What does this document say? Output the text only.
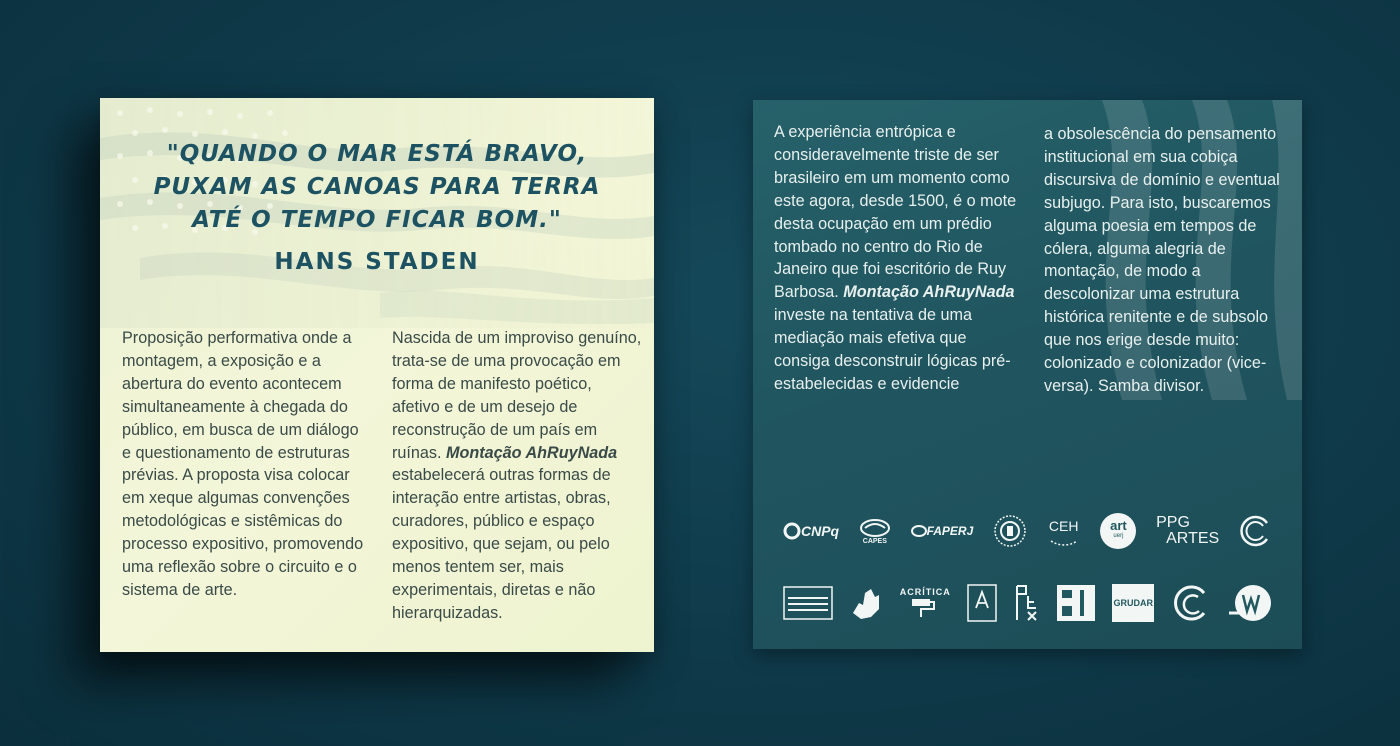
"QUANDO O MAR ESTÁ BRAVO,
PUXAM AS CANOAS PARA TERRA
ATÉ O TEMPO FICAR BOM."
HANS STADEN

Proposição performativa onde a montagem, a exposição e a abertura do evento acontecem simultaneamente à chegada do público, em busca de um diálogo e questionamento de estruturas prévias. A proposta visa colocar em xeque algumas convenções metodológicas e sistêmicas do processo expositivo, promovendo uma reflexão sobre o circuito e o sistema de arte.

Nascida de um improviso genuíno, trata-se de uma provocação em forma de manifesto poético, afetivo e de um desejo de reconstrução de um país em ruínas. Montação AhRuyNada estabelecerá outras formas de interação entre artistas, obras, curadores, público e espaço expositivo, que sejam, ou pelo menos tentem ser, mais experimentais, diretas e não hierarquizadas.

A experiência entrópica e consideravelmente triste de ser brasileiro em um momento como este agora, desde 1500, é o mote desta ocupação em um prédio tombado no centro do Rio de Janeiro que foi escritório de Ruy Barbosa. Montação AhRuyNada investe na tentativa de uma mediação mais efetiva que consiga desconstruir lógicas pré-estabelecidas e evidencie

a obsolescência do pensamento institucional em sua cobiça discursiva de domínio e eventual subjugo. Para isto, buscaremos alguma poesia em tempos de cólera, alguma alegria de montação, de modo a descolonizar uma estrutura histórica renitente e de subsolo que nos erige desde muito: colonizado e colonizador (vice-versa). Samba divisor.

CNPq
CAPES
FAPERJ	CEH art
uerj
PPG
ARTES
ACRÍTICA
GRUDAR
